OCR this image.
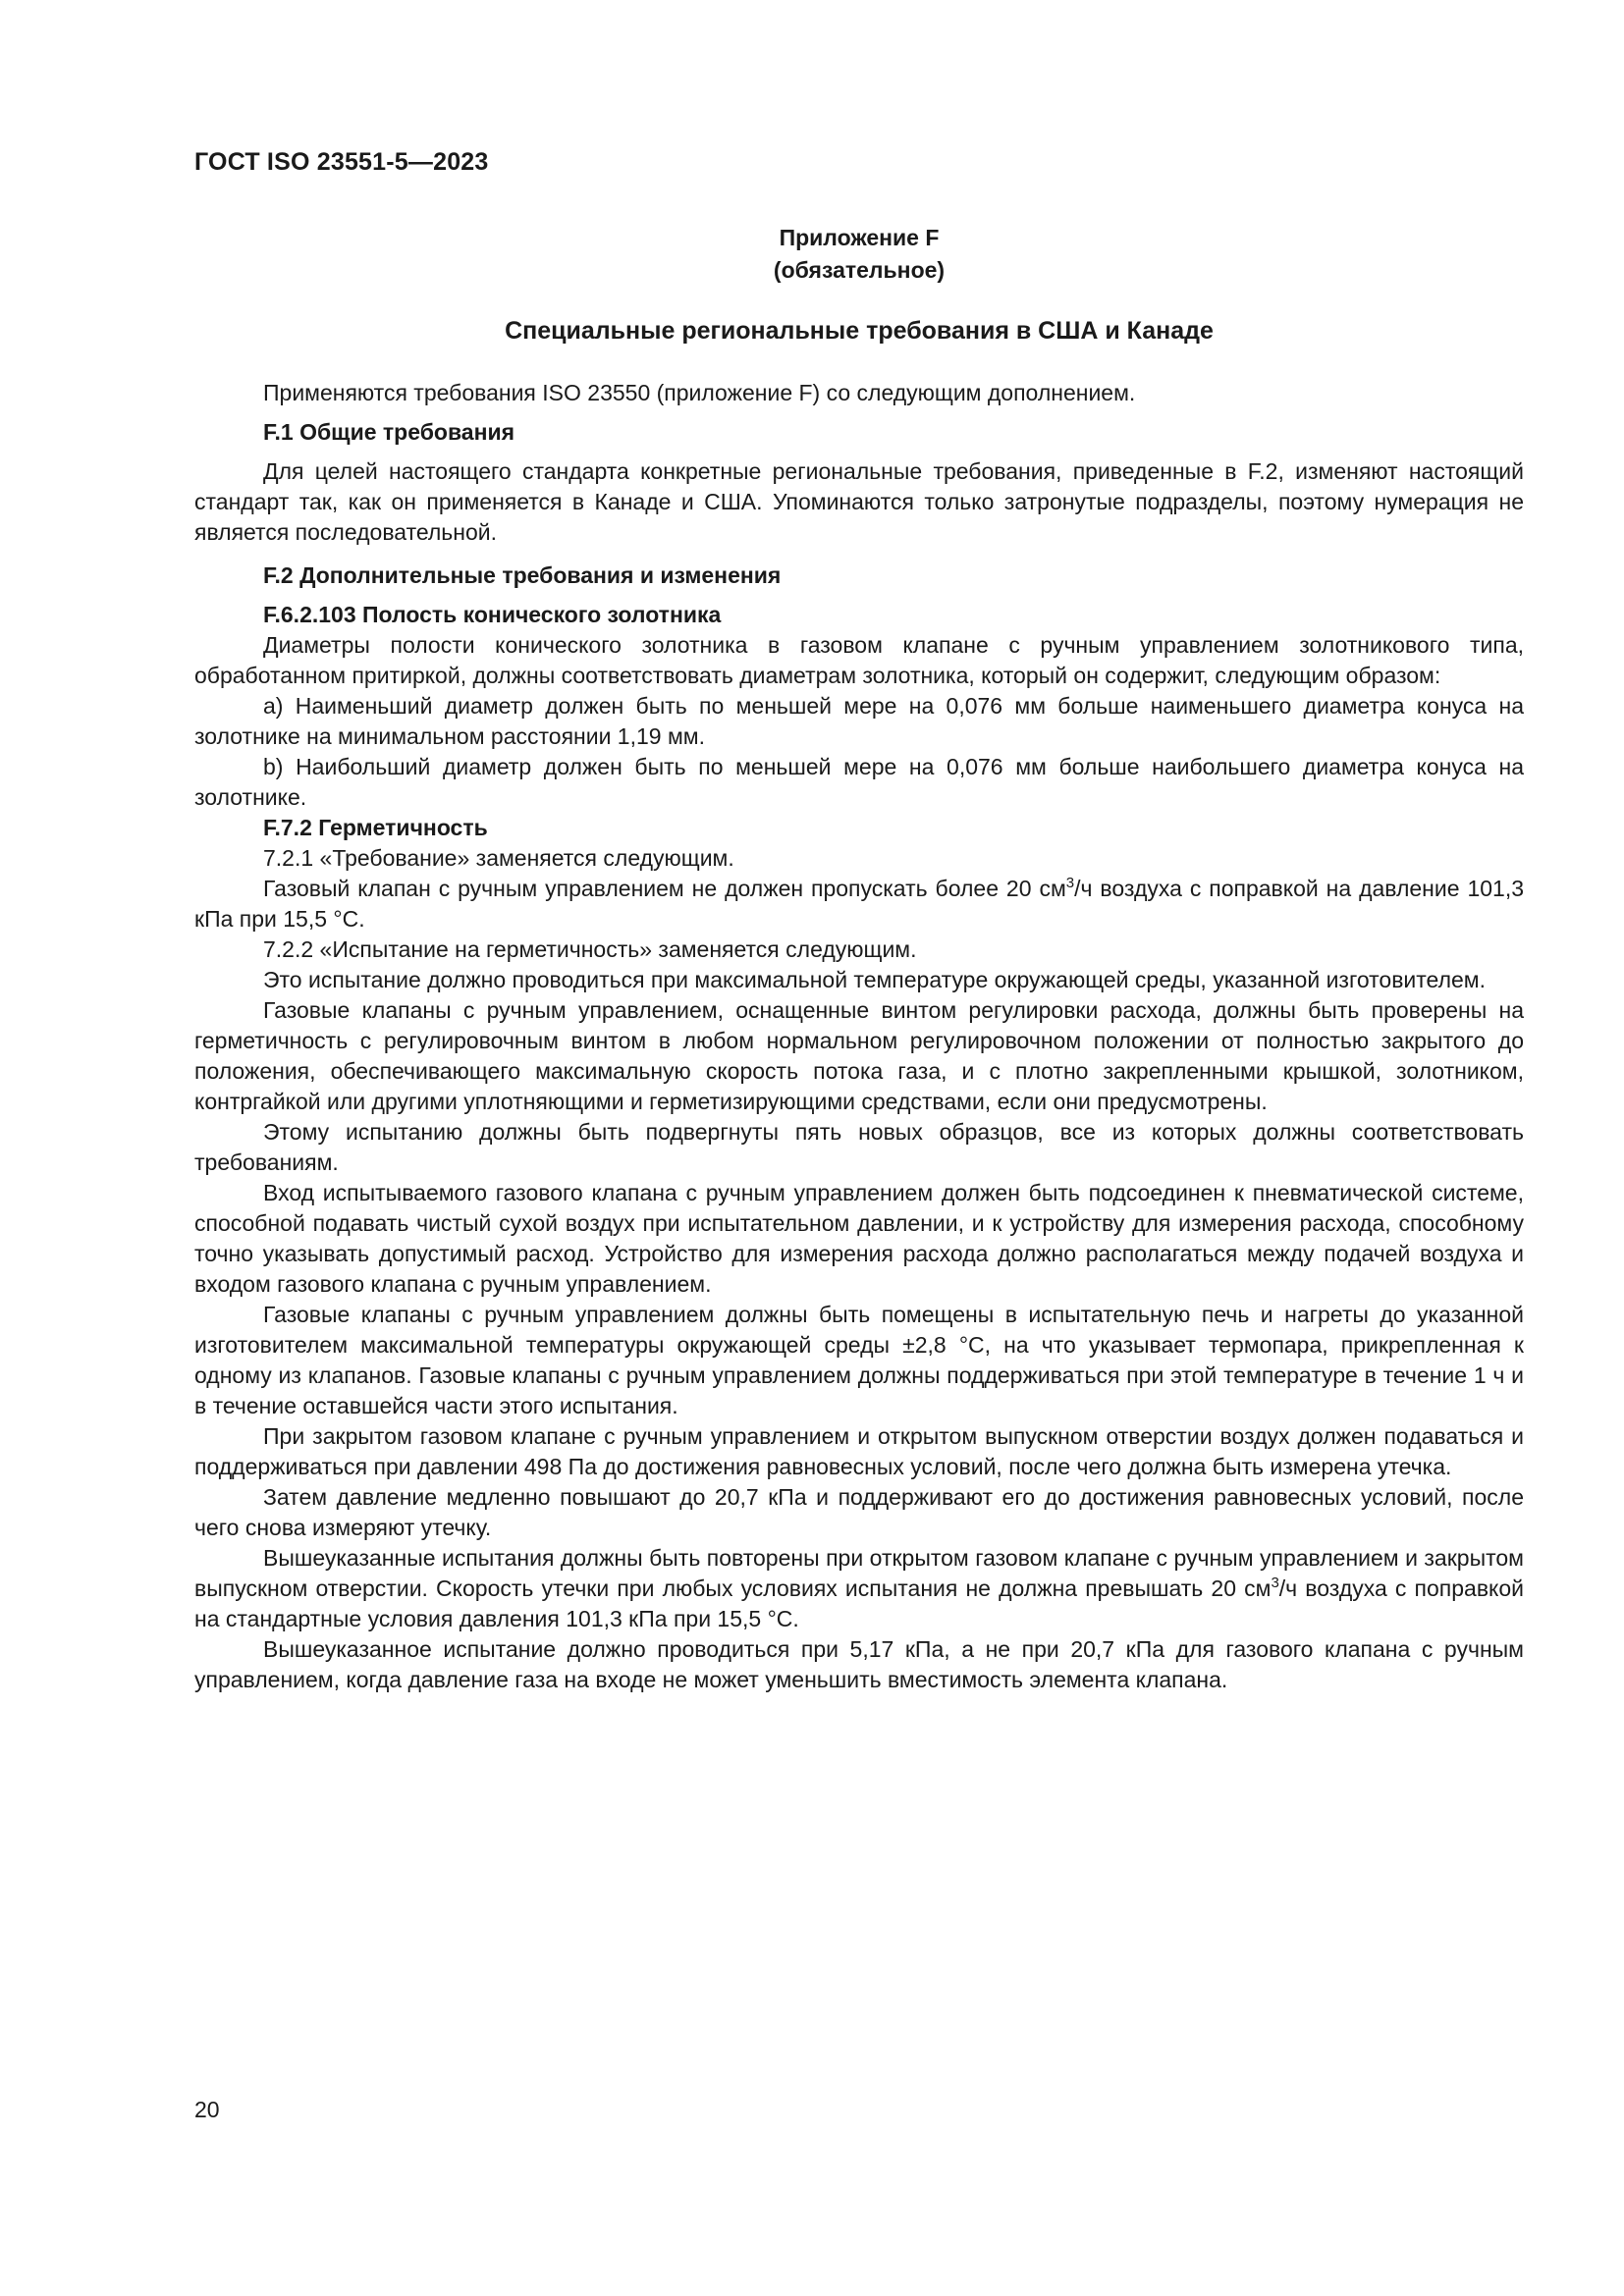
ГОСТ ISO 23551-5—2023
Приложение F
(обязательное)
Специальные региональные требования в США и Канаде

Применяются требования ISO 23550 (приложение F) со следующим дополнением.

F.1 Общие требования

Для целей настоящего стандарта конкретные региональные требования, приведенные в F.2, изменяют настоящий стандарт так, как он применяется в Канаде и США. Упоминаются только затронутые подразделы, поэтому нумерация не является последовательной.

F.2 Дополнительные требования и изменения

F.6.2.103 Полость конического золотника

Диаметры полости конического золотника в газовом клапане с ручным управлением золотникового типа, обработанном притиркой, должны соответствовать диаметрам золотника, который он содержит, следующим образом:

a) Наименьший диаметр должен быть по меньшей мере на 0,076 мм больше наименьшего диаметра конуса на золотнике на минимальном расстоянии 1,19 мм.

b) Наибольший диаметр должен быть по меньшей мере на 0,076 мм больше наибольшего диаметра конуса на золотнике.

F.7.2 Герметичность

7.2.1 «Требование» заменяется следующим.

Газовый клапан с ручным управлением не должен пропускать более 20 $см^3/ч$ воздуха с поправкой на давление 101,3 кПа при 15,5 °С.

7.2.2 «Испытание на герметичность» заменяется следующим.

Это испытание должно проводиться при максимальной температуре окружающей среды, указанной изготовителем.

Газовые клапаны с ручным управлением, оснащенные винтом регулировки расхода, должны быть проверены на герметичность с регулировочным винтом в любом нормальном регулировочном положении от полностью закрытого до положения, обеспечивающего максимальную скорость потока газа, и с плотно закрепленными крышкой, золотником, контргайкой или другими уплотняющими и герметизирующими средствами, если они предусмотрены.

Этому испытанию должны быть подвергнуты пять новых образцов, все из которых должны соответствовать требованиям.

Вход испытываемого газового клапана с ручным управлением должен быть подсоединен к пневматической системе, способной подавать чистый сухой воздух при испытательном давлении, и к устройству для измерения расхода, способному точно указывать допустимый расход. Устройство для измерения расхода должно располагаться между подачей воздуха и входом газового клапана с ручным управлением.

Газовые клапаны с ручным управлением должны быть помещены в испытательную печь и нагреты до указанной изготовителем максимальной температуры окружающей среды ±2,8 °С, на что указывает термопара, прикрепленная к одному из клапанов. Газовые клапаны с ручным управлением должны поддерживаться при этой температуре в течение 1 ч и в течение оставшейся части этого испытания.

При закрытом газовом клапане с ручным управлением и открытом выпускном отверстии воздух должен подаваться и поддерживаться при давлении 498 Па до достижения равновесных условий, после чего должна быть измерена утечка.

Затем давление медленно повышают до 20,7 кПа и поддерживают его до достижения равновесных условий, после чего снова измеряют утечку.

Вышеуказанные испытания должны быть повторены при открытом газовом клапане с ручным управлением и закрытом выпускном отверстии. Скорость утечки при любых условиях испытания не должна превышать 20 $см^3/ч$ воздуха с поправкой на стандартные условия давления 101,3 кПа при 15,5 °С.

Вышеуказанное испытание должно проводиться при 5,17 кПа, а не при 20,7 кПа для газового клапана с ручным управлением, когда давление газа на входе не может уменьшить вместимость элемента клапана.

20
